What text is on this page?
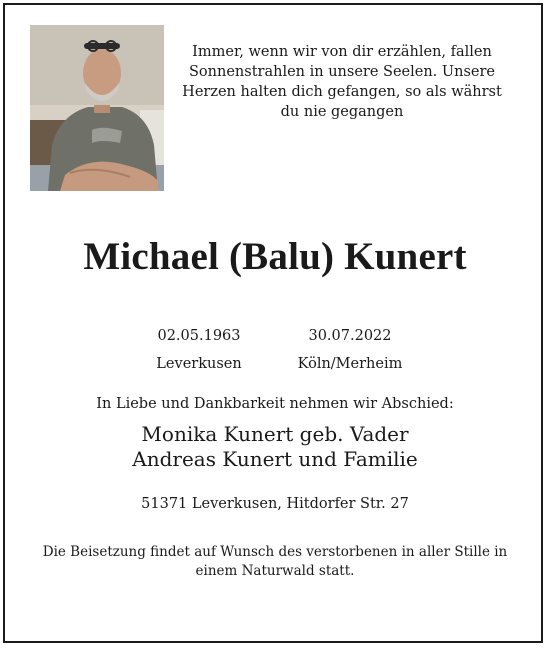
Immer, wenn wir von dir erzählen, fallen
Sonnenstrahlen in unsere Seelen. Unsere
Herzen halten dich gefangen, so als währst
du nie gegangen
Michael (Balu) Kunert
02.05.1963
Leverkusen
30.07.2022
Köln/Merheim
In Liebe und Dankbarkeit nehmen wir Abschied:
Monika Kunert geb. Vader
Andreas Kunert und Familie
51371 Leverkusen, Hitdorfer Str. 27
Die Beisetzung findet auf Wunsch des verstorbenen in aller Stille in
einem Naturwald statt.
